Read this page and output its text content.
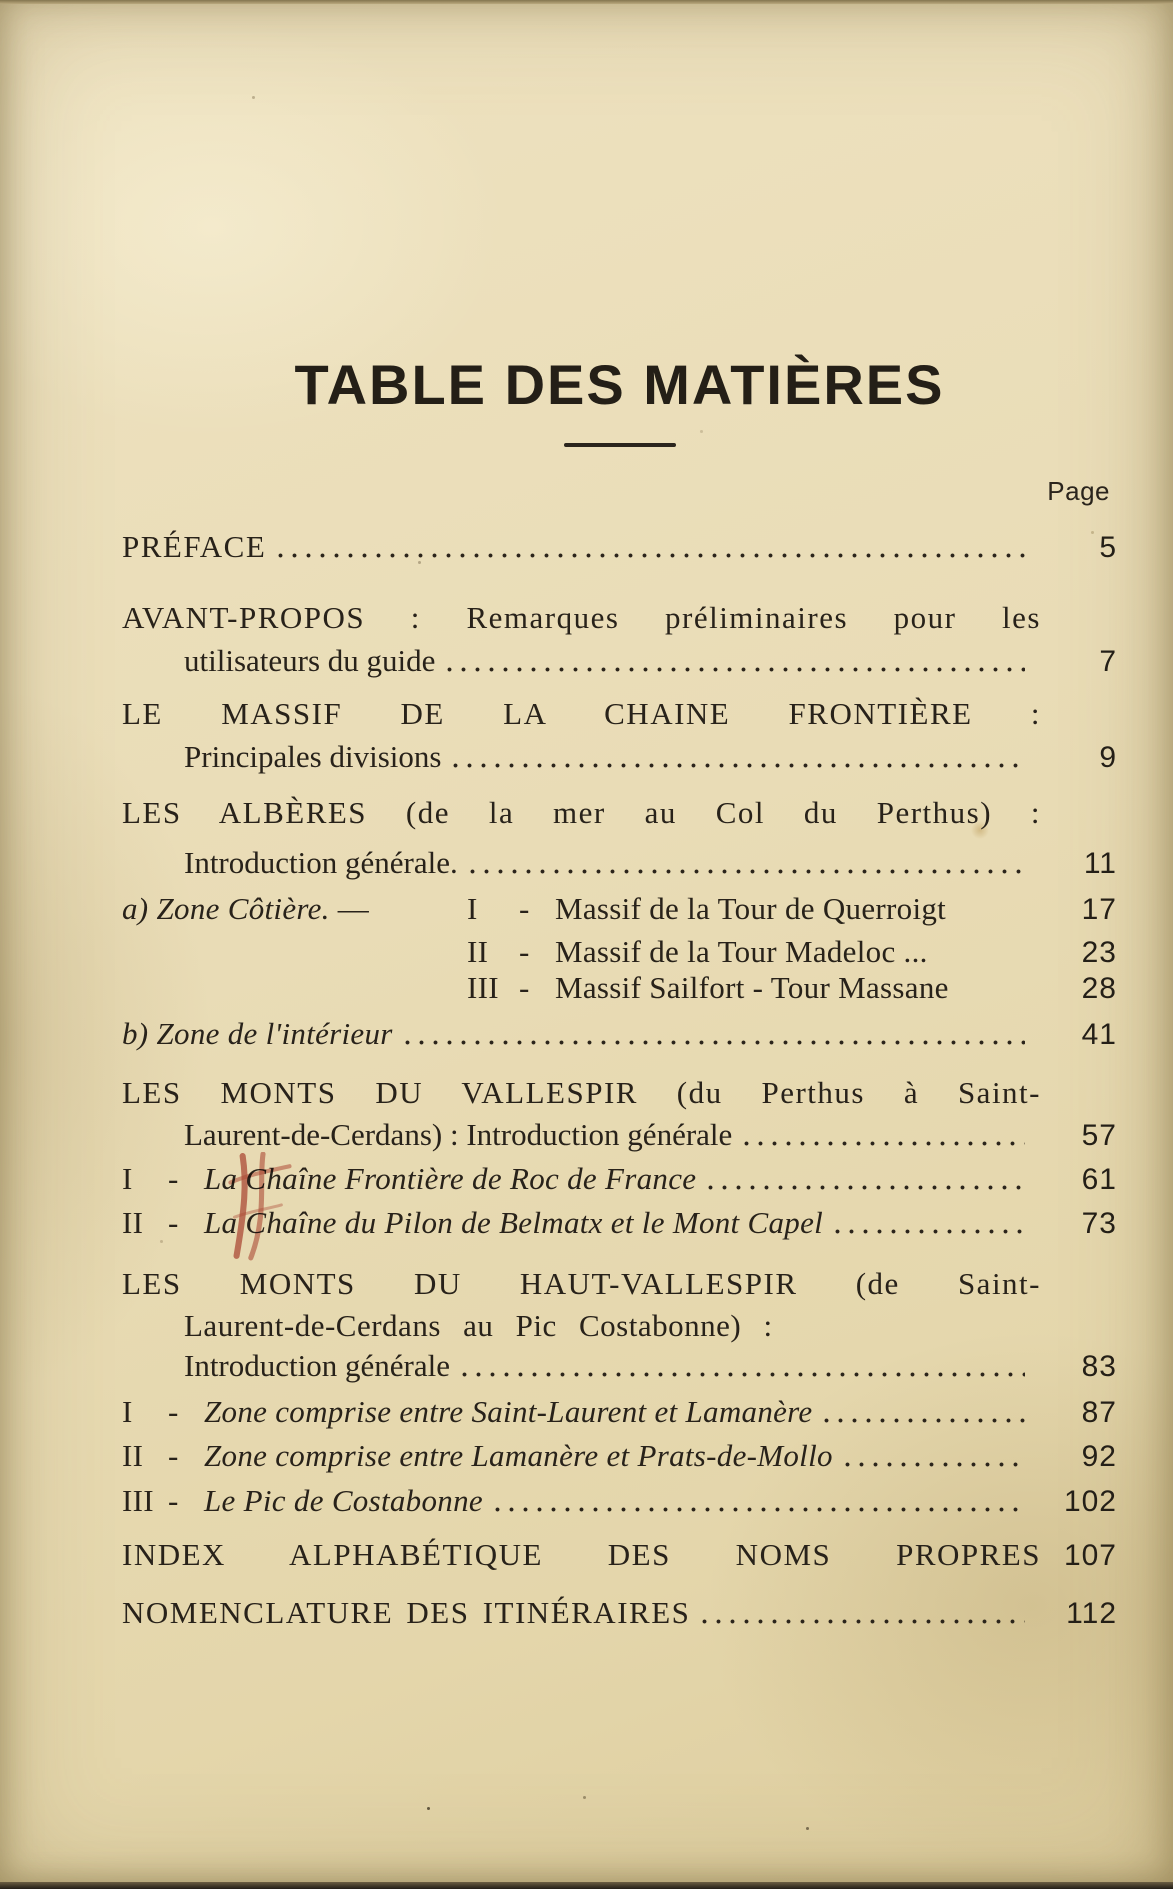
TABLE DES MATIÈRES
Page
PRÉFACE	5
AVANT-PROPOS : Remarques préliminaires pour les
utilisateurs du guide	7
LE MASSIF DE LA CHAINE FRONTIÈRE :
Principales divisions	9
LES ALBÈRES (de la mer au Col du Perthus) :
Introduction générale.	11
a) Zone Côtière. —	I - Massif de la Tour de Querroigt	17
II - Massif de la Tour Madeloc ...	23
III - Massif Sailfort - Tour Massane	28
b) Zone de l'intérieur	41
LES MONTS DU VALLESPIR (du Perthus à Saint-
Laurent-de-Cerdans) : Introduction générale	57
I - La Chaîne Frontière de Roc de France	61
II - La Chaîne du Pilon de Belmatx et le Mont Capel	73
LES MONTS DU HAUT-VALLESPIR (de Saint-
Laurent-de-Cerdans au Pic Costabonne) :
Introduction générale	83
I - Zone comprise entre Saint-Laurent et Lamanère	87
II - Zone comprise entre Lamanère et Prats-de-Mollo	92
III - Le Pic de Costabonne	102
INDEX ALPHABÉTIQUE DES NOMS PROPRES 107
NOMENCLATURE DES ITINÉRAIRES	112
